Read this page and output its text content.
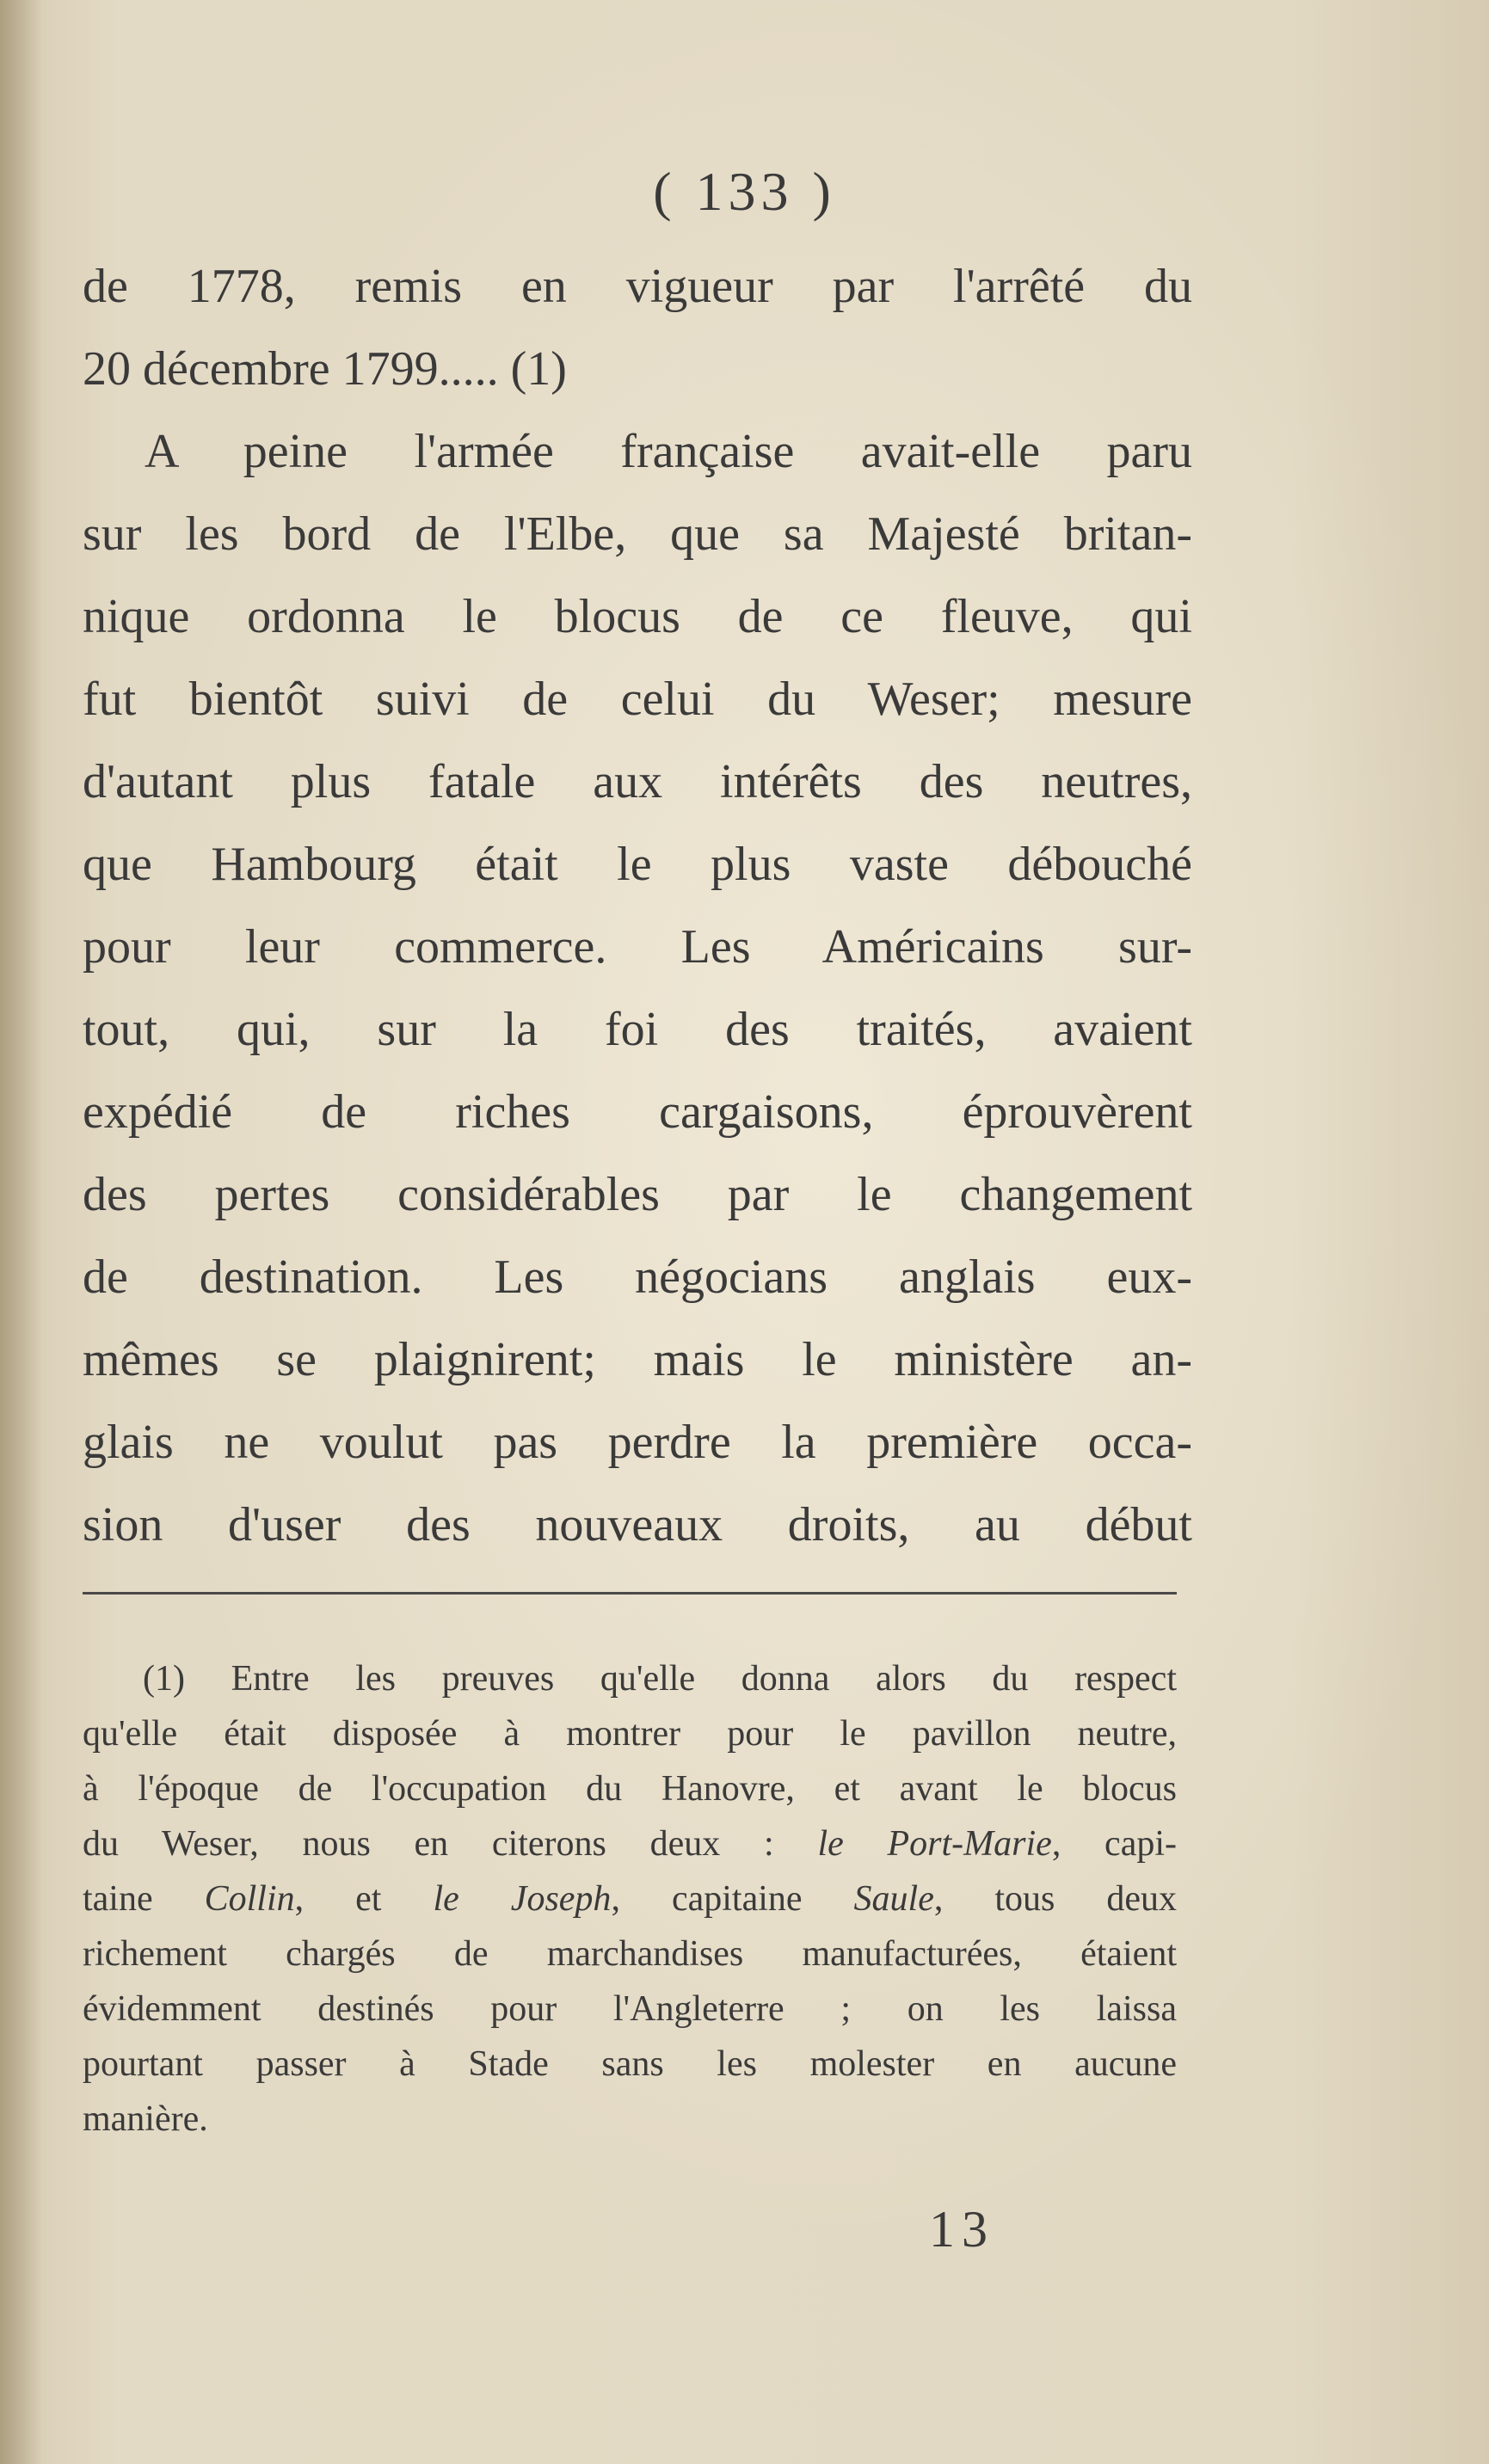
( 133 )
de 1778, remis en vigueur par l'arrêté du
20 décembre 1799..... (1)
A peine l'armée française avait-elle paru
sur les bord de l'Elbe, que sa Majesté britan-
nique ordonna le blocus de ce fleuve, qui
fut bientôt suivi de celui du Weser; mesure
d'autant plus fatale aux intérêts des neutres,
que Hambourg était le plus vaste débouché
pour leur commerce. Les Américains sur-
tout, qui, sur la foi des traités, avaient
expédié de riches cargaisons, éprouvèrent
des pertes considérables par le changement
de destination. Les négocians anglais eux-
mêmes se plaignirent; mais le ministère an-
glais ne voulut pas perdre la première occa-
sion d'user des nouveaux droits, au début
(1) Entre les preuves qu'elle donna alors du respect
qu'elle était disposée à montrer pour le pavillon neutre,
à l'époque de l'occupation du Hanovre, et avant le blocus
du Weser, nous en citerons deux : le Port-Marie, capi-
taine Collin, et le Joseph, capitaine Saule, tous deux
richement chargés de marchandises manufacturées, étaient
évidemment destinés pour l'Angleterre ; on les laissa
pourtant passer à Stade sans les molester en aucune
manière.
13
